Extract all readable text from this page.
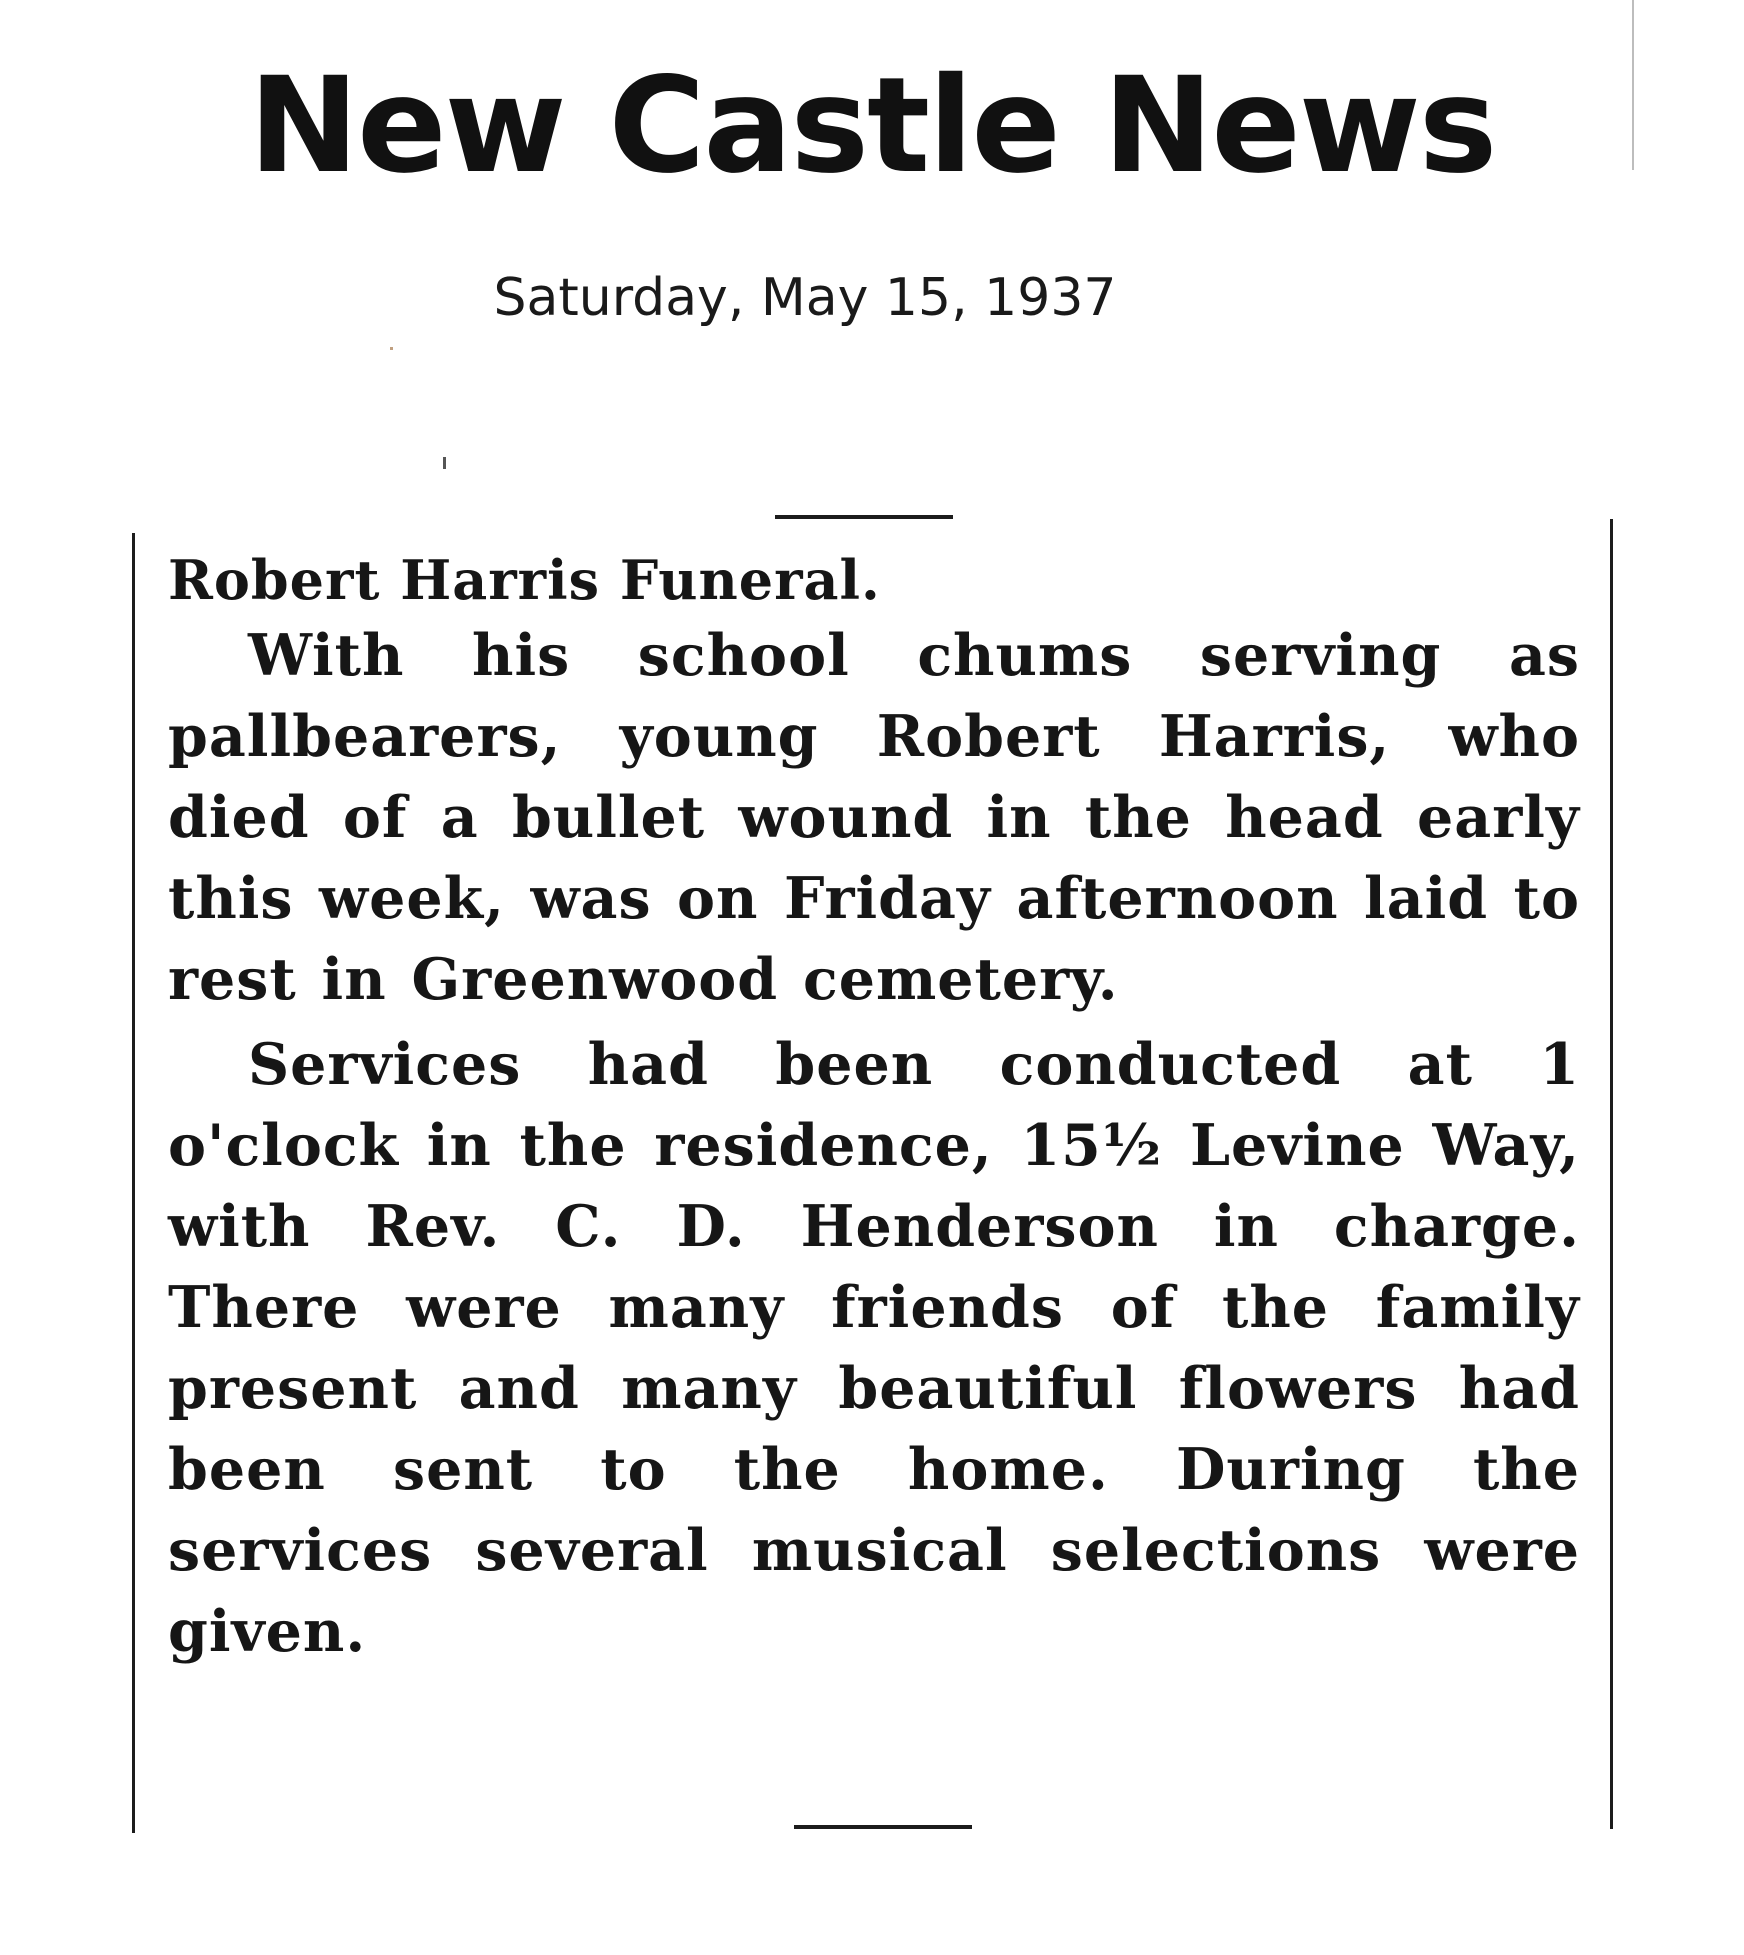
New Castle News
Saturday, May 15, 1937

Robert Harris Funeral.

With his school chums serving as pallbearers, young Robert Harris, who died of a bullet wound in the head early this week, was on Friday afternoon laid to rest in Greenwood cemetery.

Services had been conducted at 1 o'clock in the residence, 15½ Levine Way, with Rev. C. D. Henderson in charge. There were many friends of the family present and many beautiful flowers had been sent to the home. During the services several musical selections were given.
